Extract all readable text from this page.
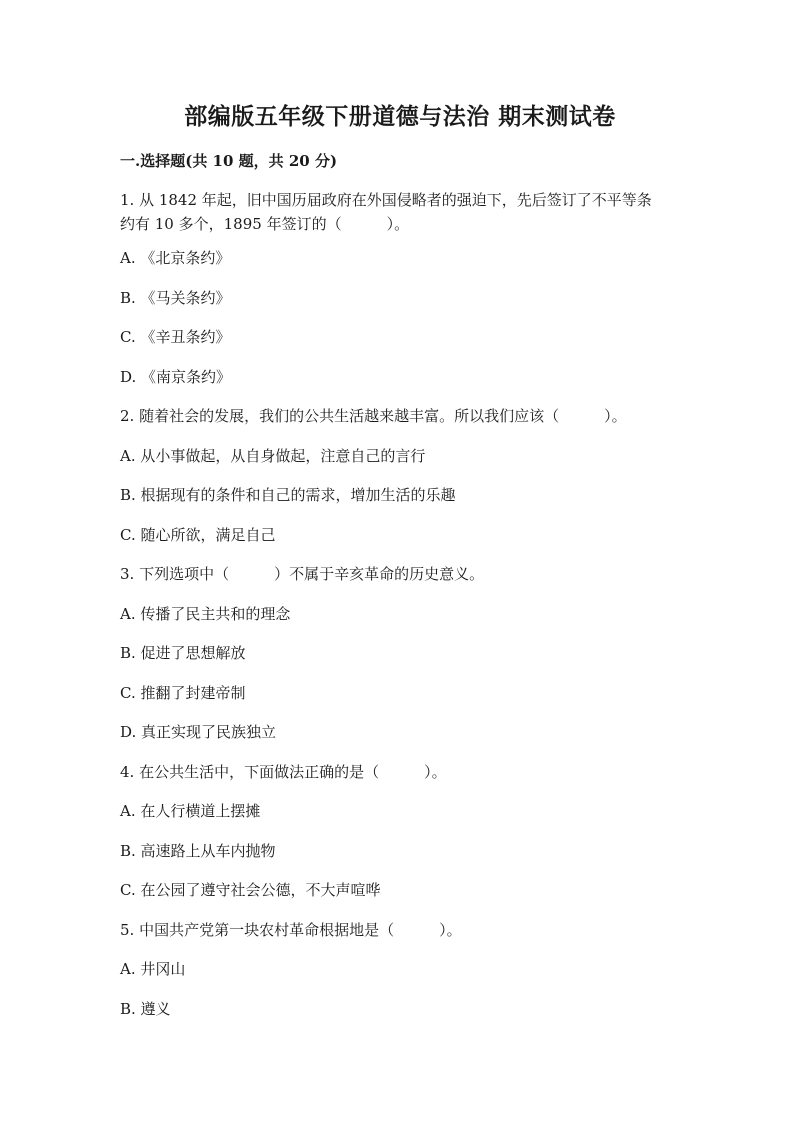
部编版五年级下册道德与法治 期末测试卷
一.选择题(共 10 题，共 20 分)

1. 从 1842 年起，旧中国历届政府在外国侵略者的强迫下，先后签订了不平等条

约有 10 多个，1895 年签订的（　　　）。

A. 《北京条约》

B. 《马关条约》

C. 《辛丑条约》

D. 《南京条约》

2. 随着社会的发展，我们的公共生活越来越丰富。所以我们应该（　　　）。

A. 从小事做起，从自身做起，注意自己的言行

B. 根据现有的条件和自己的需求，增加生活的乐趣

C. 随心所欲，满足自己

3. 下列选项中（　　　）不属于辛亥革命的历史意义。

A. 传播了民主共和的理念

B. 促进了思想解放

C. 推翻了封建帝制

D. 真正实现了民族独立

4. 在公共生活中，下面做法正确的是（　　　）。

A. 在人行横道上摆摊

B. 高速路上从车内抛物

C. 在公园了遵守社会公德，不大声喧哗

5. 中国共产党第一块农村革命根据地是（　　　）。

A. 井冈山

B. 遵义
